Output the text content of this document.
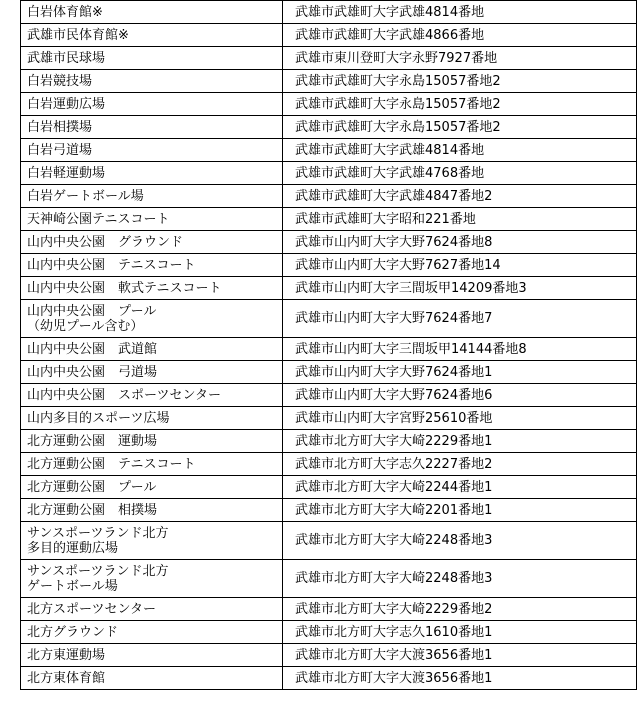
白岩体育館※	武雄市武雄町大字武雄4814番地

武雄市民体育館※	武雄市武雄町大字武雄4866番地

武雄市民球場	武雄市東川登町大字永野7927番地

白岩競技場	武雄市武雄町大字永島15057番地2

白岩運動広場	武雄市武雄町大字永島15057番地2

白岩相撲場	武雄市武雄町大字永島15057番地2

白岩弓道場	武雄市武雄町大字武雄4814番地

白岩軽運動場	武雄市武雄町大字武雄4768番地

白岩ゲートボール場	武雄市武雄町大字武雄4847番地2

天神崎公園テニスコート	武雄市武雄町大字昭和221番地

山内中央公園　グラウンド	武雄市山内町大字大野7624番地8

山内中央公園　テニスコート	武雄市山内町大字大野7627番地14

山内中央公園　軟式テニスコート	武雄市山内町大字三間坂甲14209番地3

山内中央公園　プール
（幼児プール含む）	武雄市山内町大字大野7624番地7

山内中央公園　武道館	武雄市山内町大字三間坂甲14144番地8

山内中央公園　弓道場	武雄市山内町大字大野7624番地1

山内中央公園　スポーツセンター	武雄市山内町大字大野7624番地6

山内多目的スポーツ広場	武雄市山内町大字宮野25610番地

北方運動公園　運動場	武雄市北方町大字大崎2229番地1

北方運動公園　テニスコート	武雄市北方町大字志久2227番地2

北方運動公園　プール	武雄市北方町大字大崎2244番地1

北方運動公園　相撲場	武雄市北方町大字大崎2201番地1

サンスポーツランド北方
多目的運動広場	武雄市北方町大字大崎2248番地3

サンスポーツランド北方
ゲートボール場	武雄市北方町大字大崎2248番地3

北方スポーツセンター	武雄市北方町大字大崎2229番地2

北方グラウンド	武雄市北方町大字志久1610番地1

北方東運動場	武雄市北方町大字大渡3656番地1

北方東体育館	武雄市北方町大字大渡3656番地1
